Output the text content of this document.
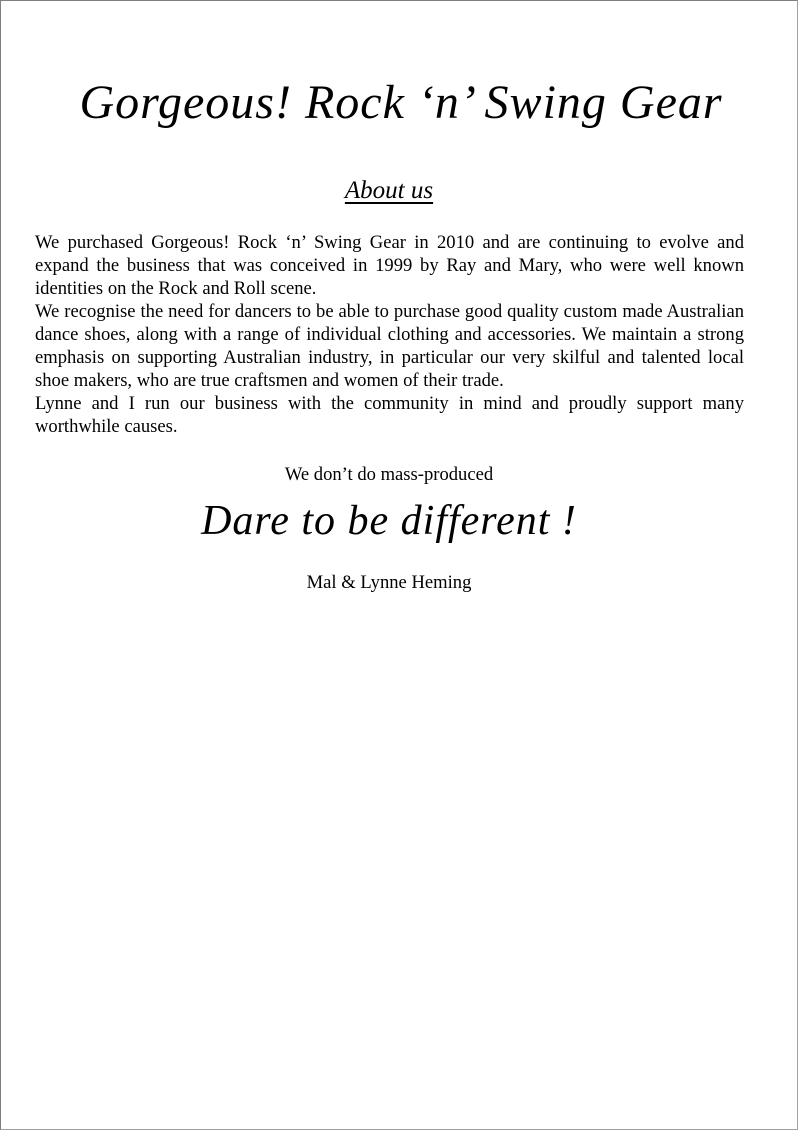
Gorgeous! Rock ‘n’ Swing Gear
About us

We purchased Gorgeous! Rock ‘n’ Swing Gear in 2010 and are continuing to evolve and expand the business that was conceived in 1999 by Ray and Mary, who were well known identities on the Rock and Roll scene.

We recognise the need for dancers to be able to purchase good quality custom made Australian dance shoes, along with a range of individual clothing and accessories. We maintain a strong emphasis on supporting Australian industry, in particular our very skilful and talented local shoe makers, who are true craftsmen and women of their trade.

Lynne and I run our business with the community in mind and proudly support many worthwhile causes.

We don’t do mass-produced
Dare to be different !
Mal & Lynne Heming
